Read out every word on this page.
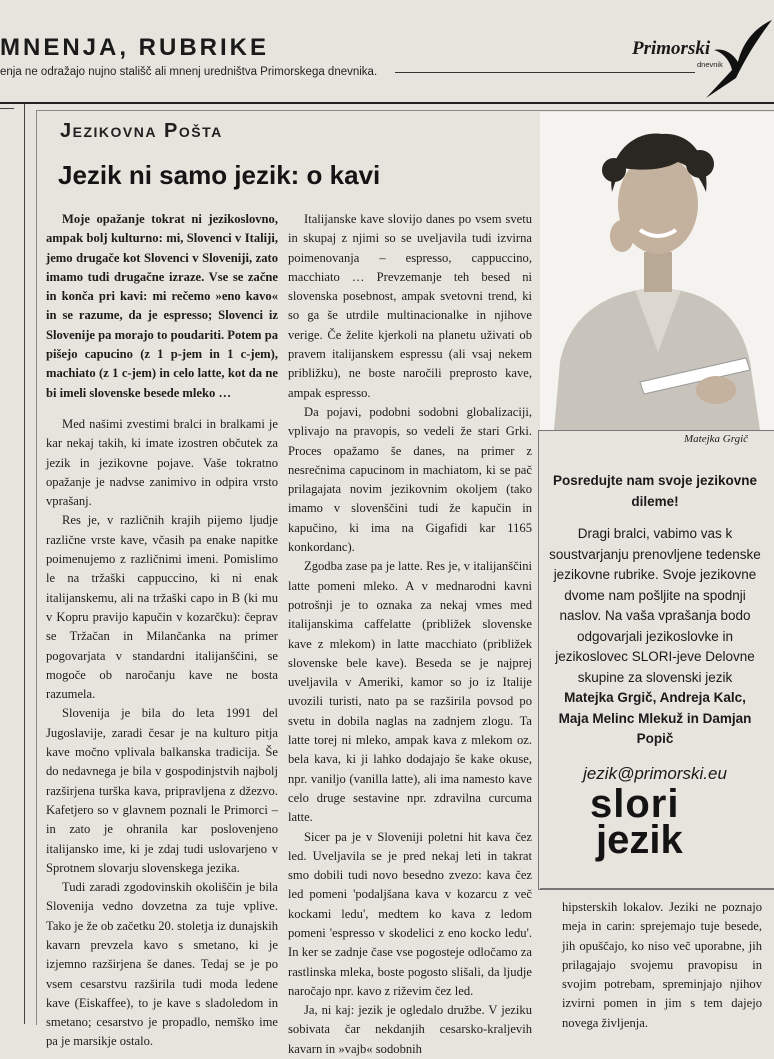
MNENJA, RUBRIKE
enja ne odražajo nujno stališč ali mnenj uredništva Primorskega dnevnika.
Primorski
dnevnik
Jezikovna Pošta
Jezik ni samo jezik: o kavi

Moje opažanje tokrat ni jezikoslovno, ampak bolj kulturno: mi, Slovenci v Italiji, jemo drugače kot Slovenci v Sloveniji, zato imamo tudi drugačne izraze. Vse se začne in konča pri kavi: mi rečemo »eno kavo« in se razume, da je espresso; Slovenci iz Slovenije pa morajo to poudariti. Potem pa pišejo capucino (z 1 p-jem in 1 c-jem), machiato (z 1 c-jem) in celo latte, kot da ne bi imeli slovenske besede mleko …

Med našimi zvestimi bralci in bralkami je kar nekaj takih, ki imate izostren občutek za jezik in jezikovne pojave. Vaše tokratno opažanje je nadvse zanimivo in odpira vrsto vprašanj.

Res je, v različnih krajih pijemo ljudje različne vrste kave, včasih pa enake napitke poimenujemo z različnimi imeni. Pomislimo le na tržaški cappuccino, ki ni enak italijanskemu, ali na tržaški capo in B (ki mu v Kopru pravijo kapučin v kozarčku): čeprav se Tržačan in Milančanka na primer pogovarjata v standardni italijanščini, se mogoče ob naročanju kave ne bosta razumela.

Slovenija je bila do leta 1991 del Jugoslavije, zaradi česar je na kulturo pitja kave močno vplivala balkanska tradicija. Še do nedavnega je bila v gospodinjstvih najbolj razširjena turška kava, pripravljena z džezvo. Kafetjero so v glavnem poznali le Primorci – in zato je ohranila kar poslovenjeno italijansko ime, ki je zdaj tudi uslovarjeno v Sprotnem slovarju slovenskega jezika.

Tudi zaradi zgodovinskih okoliščin je bila Slovenija vedno dovzetna za tuje vplive. Tako je že ob začetku 20. stoletja iz dunajskih kavarn prevzela kavo s smetano, ki je izjemno razširjena še danes. Tedaj se je po vsem cesarstvu razširila tudi moda ledene kave (Eiskaffee), to je kave s sladoledom in smetano; cesarstvo je propadlo, nemško ime pa je marsikje ostalo.

Italijanske kave slovijo danes po vsem svetu in skupaj z njimi so se uveljavila tudi izvirna poimenovanja – espresso, cappuccino, macchiato … Prevzemanje teh besed ni slovenska posebnost, ampak svetovni trend, ki so ga še utrdile multinacionalke in njihove verige. Če želite kjerkoli na planetu uživati ob pravem italijanskem espressu (ali vsaj nekem približku), ne boste naročili preprosto kave, ampak espresso.

Da pojavi, podobni sodobni globalizaciji, vplivajo na pravopis, so vedeli že stari Grki. Proces opažamo še danes, na primer z nesrečnima capucinom in machiatom, ki se pač prilagajata novim jezikovnim okoljem (tako imamo v slovenščini tudi že kapučin in kapučino, ki ima na Gigafidi kar 1165 konkordanc).

Zgodba zase pa je latte. Res je, v italijanščini latte pomeni mleko. A v mednarodni kavni potrošnji je to oznaka za nekaj vmes med italijanskima caffelatte (približek slovenske kave z mlekom) in latte macchiato (približek slovenske bele kave). Beseda se je najprej uveljavila v Ameriki, kamor so jo iz Italije uvozili turisti, nato pa se razširila povsod po svetu in dobila naglas na zadnjem zlogu. Ta latte torej ni mleko, ampak kava z mlekom oz. bela kava, ki ji lahko dodajajo še kake okuse, npr. vaniljo (vanilla latte), ali ima namesto kave celo druge sestavine npr. zdravilna curcuma latte.

Sicer pa je v Sloveniji poletni hit kava čez led. Uveljavila se je pred nekaj leti in takrat smo dobili tudi novo besedno zvezo: kava čez led pomeni 'podaljšana kava v kozarcu z več kockami ledu', medtem ko kava z ledom pomeni 'espresso v skodelici z eno kocko ledu'. In ker se zadnje čase vse pogosteje odločamo za rastlinska mleka, boste pogosto slišali, da ljudje naročajo npr. kavo z riževim čez led.

Ja, ni kaj: jezik je ogledalo družbe. V jeziku sobivata čar nekdanjih cesarsko-kraljevih kavarn in »vajb« sodobnih

Matejka Grgič
Posredujte nam svoje jezikovne dileme!
Dragi bralci, vabimo vas k soustvarjanju prenovljene tedenske jezikovne rubrike. Svoje jezikovne dvome nam pošljite na spodnji naslov. Na vaša vprašanja bodo odgovarjali jezikoslovke in jezikoslovec SLORI-jeve Delovne skupine za slovenski jezik
Matejka Grgič, Andreja Kalc, Maja Melinc Mlekuž in Damjan Popič
jezik@primorski.eu
slori
jezik

hipsterskih lokalov. Jeziki ne poznajo meja in carin: sprejemajo tuje besede, jih opuščajo, ko niso več uporabne, jih prilagajajo svojemu pravopisu in svojim potrebam, spreminjajo njihov izvirni pomen in jim s tem dajejo novega življenja.
